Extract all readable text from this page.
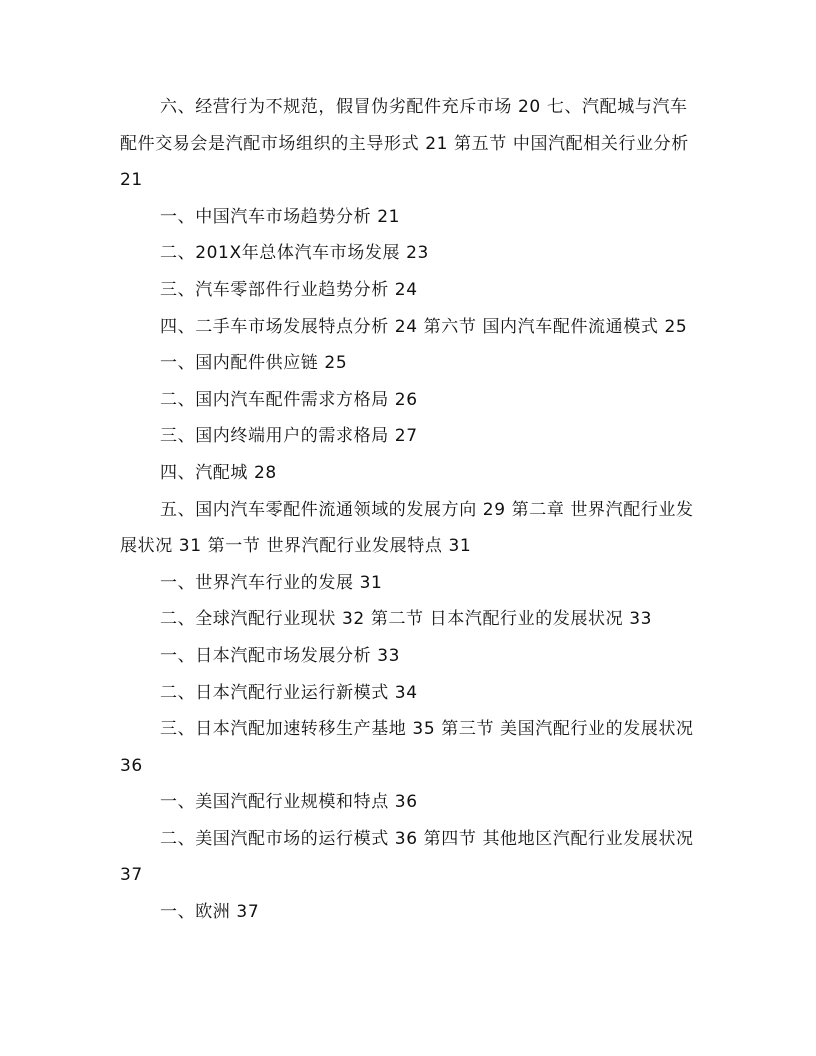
六、经营行为不规范，假冒伪劣配件充斥市场 20 七、汽配城与汽车配件交易会是汽配市场组织的主导形式 21 第五节 中国汽配相关行业分析 21

一、中国汽车市场趋势分析 21

二、201X年总体汽车市场发展 23

三、汽车零部件行业趋势分析 24

四、二手车市场发展特点分析 24 第六节 国内汽车配件流通模式 25

一、国内配件供应链 25

二、国内汽车配件需求方格局 26

三、国内终端用户的需求格局 27

四、汽配城 28

五、国内汽车零配件流通领域的发展方向 29 第二章 世界汽配行业发展状况 31 第一节 世界汽配行业发展特点 31

一、世界汽车行业的发展 31

二、全球汽配行业现状 32 第二节 日本汽配行业的发展状况 33

一、日本汽配市场发展分析 33

二、日本汽配行业运行新模式 34

三、日本汽配加速转移生产基地 35 第三节 美国汽配行业的发展状况 36

一、美国汽配行业规模和特点 36

二、美国汽配市场的运行模式 36 第四节 其他地区汽配行业发展状况 37

一、欧洲 37
